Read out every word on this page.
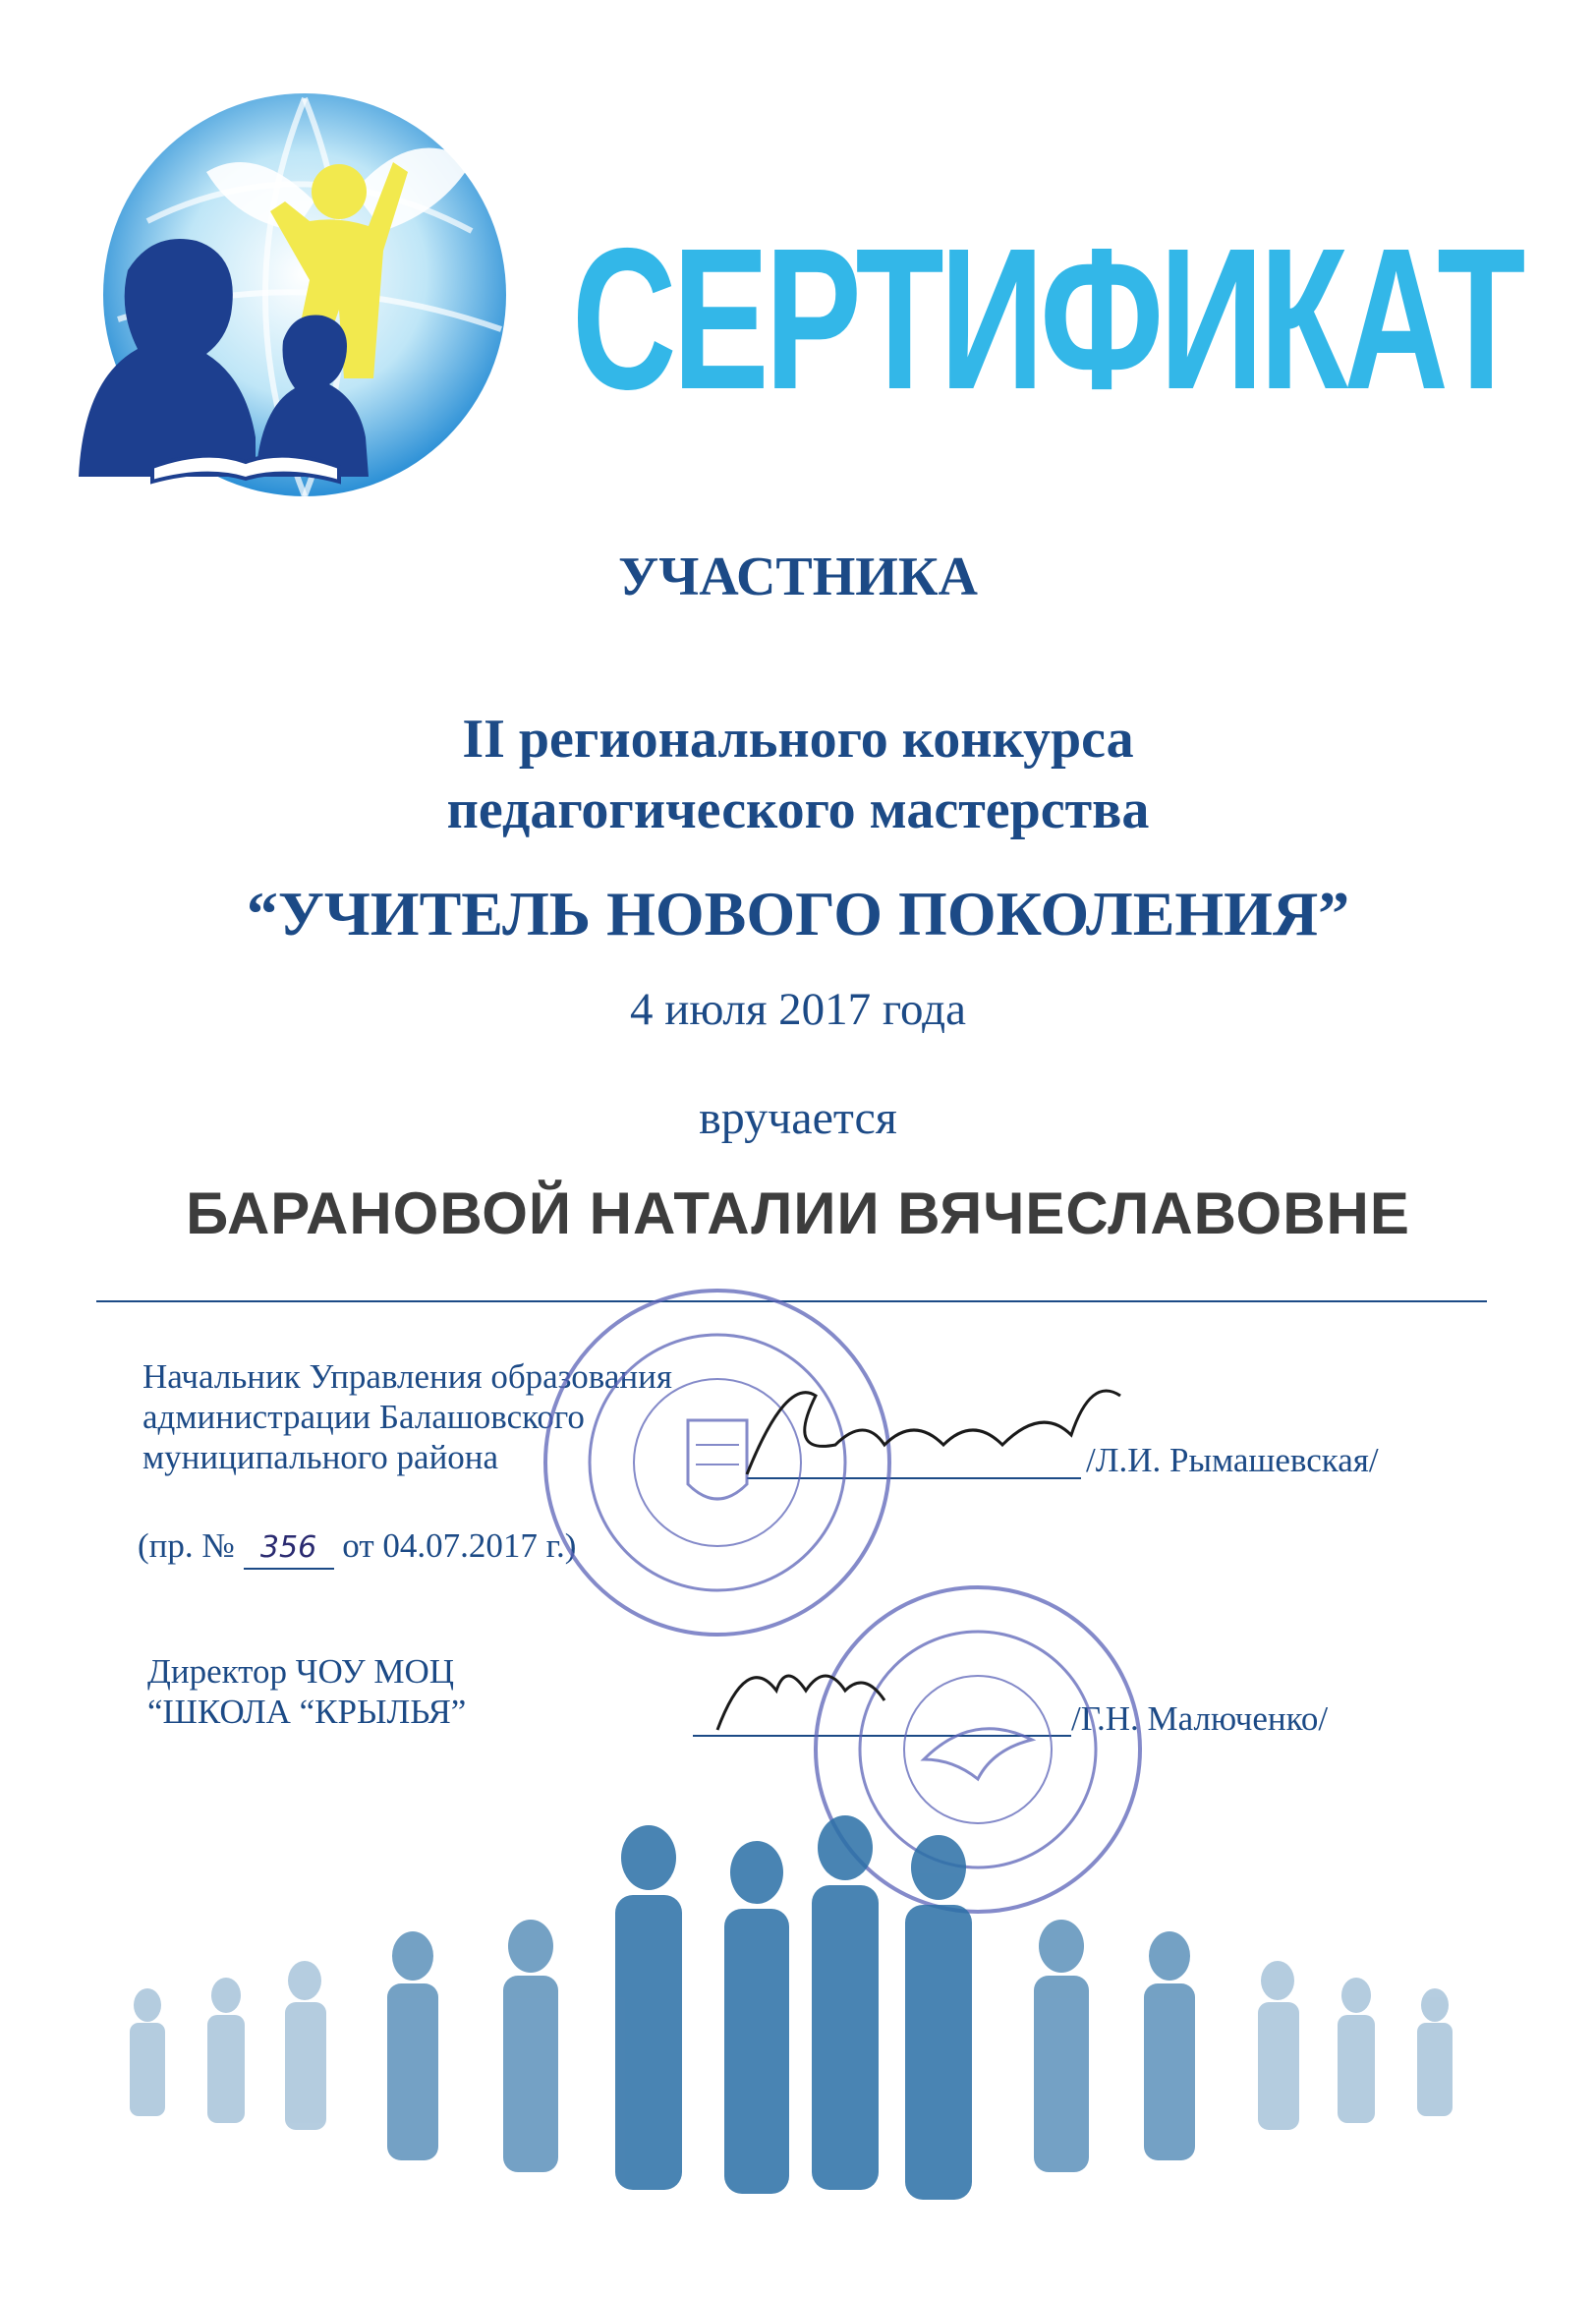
СЕРТИФИКАТ
УЧАСТНИКА
II регионального конкурса
педагогического мастерства
“УЧИТЕЛЬ НОВОГО ПОКОЛЕНИЯ”
4 июля 2017 года
вручается
БАРАНОВОЙ НАТАЛИИ ВЯЧЕСЛАВОВНЕ
Начальник Управления образования
администрации Балашовского
муниципального района	/Л.И. Рымашевская/
(пр. № 356 от 04.07.2017 г.)
Директор ЧОУ МОЦ
“ШКОЛА “КРЫЛЬЯ”	/Г.Н. Малюченко/
